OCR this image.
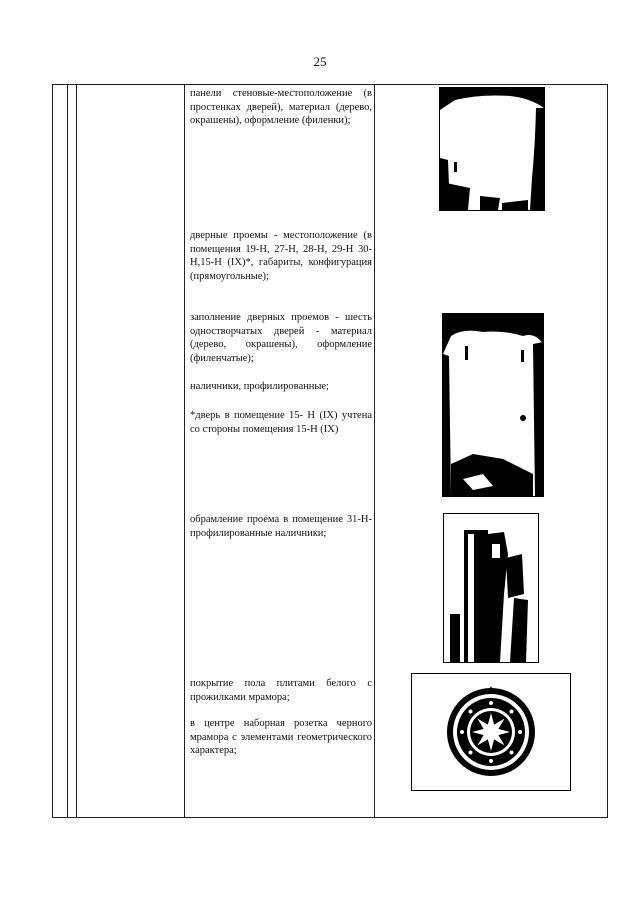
25
панели стеновые-местоположение (в простенках дверей), материал (дерево, окрашены), оформление (филенки);
дверные проемы - местоположение (в помещения 19-Н, 27-Н, 28-Н, 29-Н 30-Н,15-Н (IX)*, габариты, конфигурация (прямоугольные);
заполнение дверных проемов - шесть одностворчатых дверей - материал (дерево, окрашены), оформление (филенчатые);
наличники, профилированные;
*дверь в помещение 15- Н (IX) учтена со стороны помещения 15-Н (IX)
обрамление проема в помещение 31-Н-профилированные наличники;
покрытие пола плитами белого с прожилками мрамора;
в центре наборная розетка черного мрамора с элементами геометрического характера;
